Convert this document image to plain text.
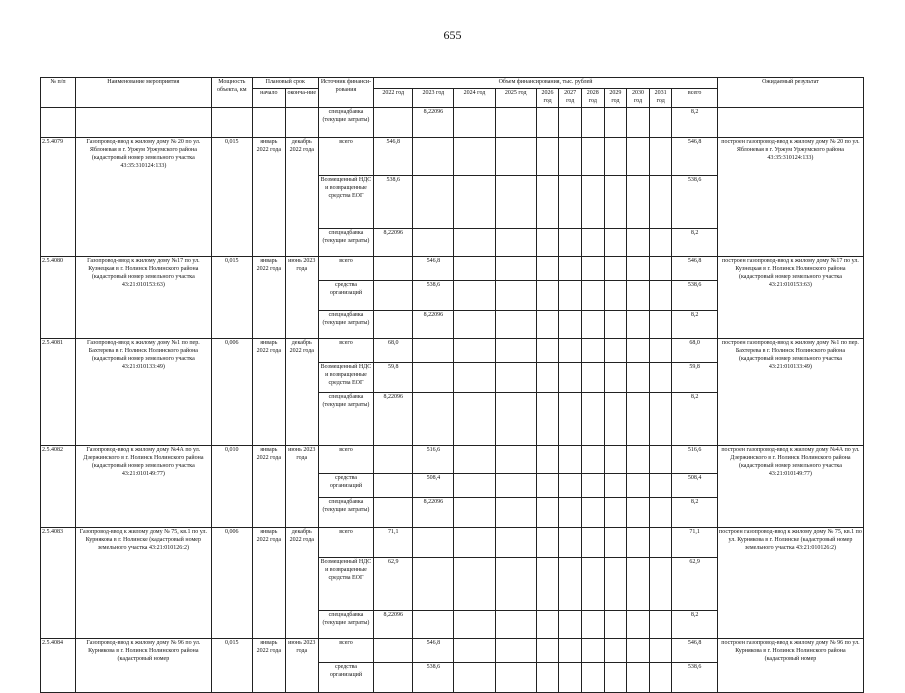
655
№ п/п	Наименование мероприятия	Мощность объекта, км	Плановый срок		Источник финанси-рования	Объем финансирования, тыс. рублей											Ожидаемый результат
			начало	оконча-ние		2022 год	2023 год	2024 год	2025 год	2026 год	2027 год	2028 год	2029 год	2030 год	2031 год	всего	
					спецнадбавка (текущие затраты)		8,22096									8,2	
2.5.4079	Газопровод-ввод к жилому дому № 20 по ул. Яблоневая в г. Уржум Уржумского района (кадастровый номер земельного участка 43:35:310124:133)	0,015	январь 2022 года	декабрь 2022 года	всего	546,8										546,8	построен газопровод-ввод к жилому дому № 20 по ул. Яблоневая в г. Уржум Уржумского района 43:35:310124:133)
					Возмещенный НДС и возвращенные средства ЕОГ	538,6										538,6	
					спецнадбавка (текущие затраты)	8,22096										8,2	
2.5.4080	Газопровод-ввод к жилому дому №17 по ул. Кузнецкая в г. Нолинск Нолинского района (кадастровый номер земельного участка 43:21:010153:63)	0,015	январь 2022 года	июнь 2023 года	всего		546,8									546,8	построен газопровод-ввод к жилому дому №17 по ул. Кузнецкая в г. Нолинск Нолинского района (кадастровый номер земельного участка 43:21:010153:63)
					средства организаций		538,6									538,6	
					спецнадбавка (текущие затраты)		8,22096									8,2	
2.5.4081	Газопровод-ввод к жилому дому №1 по пер. Бахтерева в г. Нолинск Нолинского района (кадастровый номер земельного участка 43:21:010133:49)	0,006	январь 2022 года	декабрь 2022 года	всего	68,0										68,0	построен газопровод-ввод к жилому дому №1 по пер. Бахтерева в г. Нолинск Нолинского района (кадастровый номер земельного участка 43:21:010133:49)
					Возмещенный НДС и возвращенные средства ЕОГ	59,8										59,8	
					спецнадбавка (текущие затраты)	8,22096										8,2	
2.5.4082	Газопровод-ввод к жилому дому №4А по ул. Дзержинского в г. Нолинск Нолинского района (кадастровый номер земельного участка 43:21:010149:77)	0,010	январь 2022 года	июнь 2023 года	всего		516,6									516,6	построен газопровод-ввод к жилому дому №4А по ул. Дзержинского в г. Нолинск Нолинского района (кадастровый номер земельного участка 43:21:010149:77)
					средства организаций		508,4									508,4	
					спецнадбавка (текущие затраты)		8,22096									8,2	
2.5.4083	Газопровод-ввод к жилому дому № 75, кв.1 по ул. Курняковa в г. Нолинске (кадастровый номер земельного участка 43:21:010126:2)	0,006	январь 2022 года	декабрь 2022 года	всего	71,1										71,1	построен газопровод-ввод к жилому дому № 75, кв.1 по ул. Курнякова в г. Нолинске (кадастровый номер земельного участка 43:21:010126:2)
					Возмещенный НДС и возвращенные средства ЕОГ	62,9										62,9	
					спецнадбавка (текущие затраты)	8,22096										8,2	
2.5.4084	Газопровод-ввод к жилому дому № 96 по ул. Курнякова в г. Нолинск Нолинского района (кадастровый номер	0,015	январь 2022 года	июнь 2023 года	всего		546,8									546,8	построен газопровод-ввод к жилому дому № 96 по ул. Курнякова в г. Нолинск Нолинского района (кадастровый номер
					средства организаций		538,6									538,6	
